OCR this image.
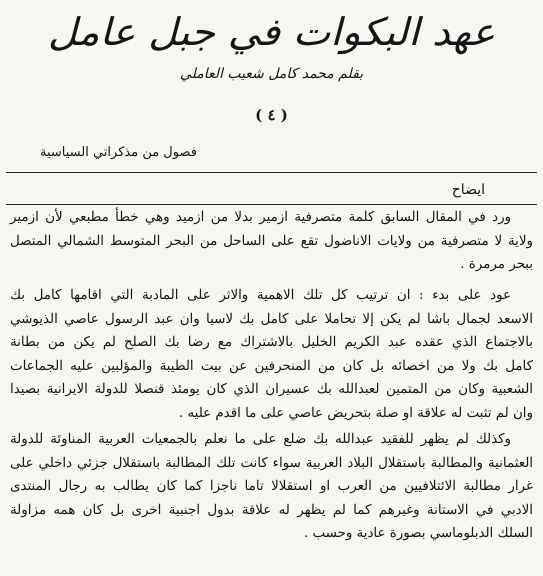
عهد البكوات في جبل عامل
بقلم محمد كامل شعيب العاملي
( ٤ )
فصول من مذكراتي السياسية
ايضاح
ورد في المقال السابق كلمة متصرفية ازمير بدلا من ازميد وهي خطأ مطبعي لأن ازمير
ولاية لا متصرفية من ولايات الاناضول تقع على الساحل من البحر المتوسط الشمالي المتصل
ببحر مرمرة .
عود على بدء : ان ترتيب كل تلك الاهمية والاثر على المادبة التي اقامها كامل بك
الاسعد لجمال باشا لم يكن إلا تحاملا على كامل بك لاسيا وان عبد الرسول عاصي الذيوشي
بالاجتماع الذي عقده عبد الكريم الخليل بالاشتراك مع رضا بك الصلح لم يكن من بطانة
كامل بك ولا من اخصائه بل كان من المنحرفين عن بيت الطيبة والمؤلبين عليه الجماعات
الشعبية وكان من المتمين لعبدالله بك عسيران الذي كان يومئذ قنصلا للدولة الايرانية بصيدا
وان لم تثبت له علاقة او صلة بتحريض عاصي على ما اقدم عليه .
وكذلك لم يظهر للفقيد عبدالله بك ضلع على ما نعلم بالجمعيات العربية المناوئة للدولة
العثمانية والمطالبة باستقلال البلاد العربية سواء كانت تلك المطالبة باستقلال جزئي داخلي على
غرار مطالبة الائتلافيين من العرب او استقلالا تاما ناجزا كما كان يطالب به رجال المنتدى
الادبي في الاستانة وغيرهم كما لم يظهر له علاقة بدول اجنبية اخرى بل كان همه مزاولة
السلك الدبلوماسي بصورة عادية وحسب .
